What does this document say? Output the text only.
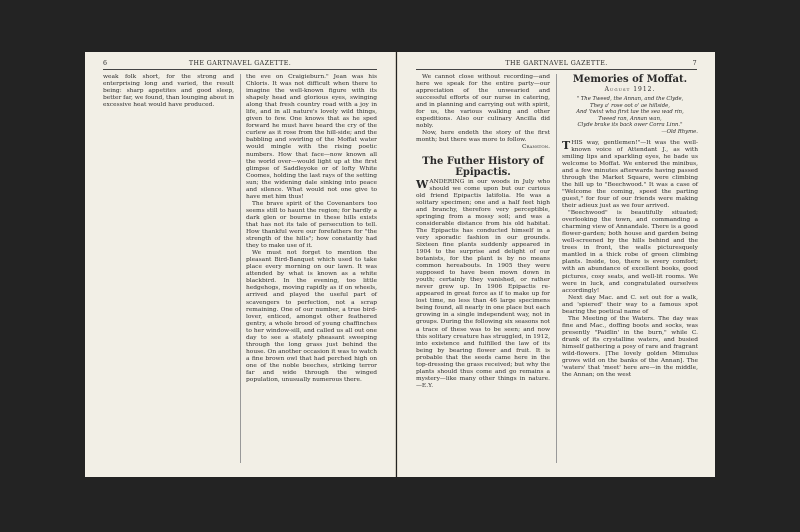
6	THE GARTNAVEL GAZETTE.

weak folk short, for the strong and enterprising long and varied, the result being: sharp appetites and good sleep, better far, we found, than lounging about in excessive heat would have produced.

the eve on Craigieburn." Jean was his Chloris. It was not difficult when there to imagine the well-known figure with its shapely head and glorious eyes, swinging along that fresh country road with a joy in life, and in all nature's lovely wild things, given to few. One knows that as he sped forward he must have heard the cry of the curlew as it rose from the hill-side; and the babbling and swirling of the Moffat water would mingle with the rising poetic numbers. How that face—now known all the world over—would light up at the first glimpse of Saddleyoke or of lofty White Coomes, holding the last rays of the setting sun; the widening dale sinking into peace and silence. What would not one give to have met him thus!

The brave spirit of the Covenanters too seems still to haunt the region; for hardly a dark glen or bourne in these hills exists that has not its tale of persecution to tell. How thankful were our forefathers for "the strength of the hills"; how constantly had they to make use of it.

We must not forget to mention the pleasant Bird-Banquet which used to take place every morning on our lawn. It was attended by what is known as a white blackbird. In the evening, too little hedgehogs, moving rapidly as if on wheels, arrived and played the useful part of scavengers to perfection, not a scrap remaining. One of our number, a true bird-lover, enticed, amongst other feathered gentry, a whole brood of young chaffinches to her window-sill, and called us all out one day to see a stately pheasant sweeping through the long grass just behind the house. On another occasion it was to watch a fine brown owl that had perched high on one of the noble beeches, striking terror far and wide through the winged population, unusually numerous there.

THE GARTNAVEL GAZETTE.	7

We cannot close without recording—and here we speak for the entire party—our appreciation of the unwearied and successful efforts of our nurse in catering, and in planning and carrying out with spirit, for us, the various walking and other expeditions. Also our culinary Ancilla did nobly.

Now, here endeth the story of the first month; but there was more to follow.

Cranston.
The Futher History of Epipactis.

WANDERING in our woods in July who should we come upon but our curious old friend Epipactis latifolia. He was a solitary specimen; one and a half feet high and branchy, therefore very perceptible, springing from a mossy soil; and was a considerable distance from his old habitat. The Epipactis has conducted himself in a very sporadic fashion in our grounds. Sixteen fine plants suddenly appeared in 1904 to the surprise and delight of our botanists, for the plant is by no means common hereabouts. In 1905 they were supposed to have been mown down in youth; certainly they vanished, or rather never grew up. In 1906 Epipactis re-appeared in great force as if to make up for lost time, no less than 46 large specimens being found, all nearly in one place but each growing in a single independent way, not in groups. During the following six seasons not a trace of these was to be seen; and now this solitary creature has struggled, in 1912, into existence and fulfilled the law of its being by bearing flower and fruit. It is probable that the seeds came here in the top-dressing the grass received; but why the plants should thus come and go remains a mystery—like many other things in nature.—E.Y.

Memories of Moffat.
August 1912.
" The Tweed, the Annan, and the Clyde,
They a' rose oot o' ae hillside,
And 'twixt wha first tae the sea wad rin,
Tweed ran, Annan wan,
Clyde brake its back ower Corra Linn."
—Old Rhyme.

THIS way, gentlemen!"—It was the well-known voice of Attendant J., as with smiling lips and sparkling eyes, he bade us welcome to Moffat. We entered the minibus, and a few minutes afterwards having passed through the Market Square, were climbing the hill up to "Beechwood." It was a case of "Welcome the coming, speed the parting guest," for four of our friends were making their adieux just as we four arrived.

"Beechwood" is beautifully situated; overlooking the town, and commanding a charming view of Annandale. There is a good flower-garden; both house and garden being well-screened by the hills behind and the trees in front, the walls picturesquely mantled in a thick robe of green climbing plants. Inside, too, there is every comfort; with an abundance of excellent books, good pictures, cosy seats, and well-lit rooms. We were in luck, and congratulated ourselves accordingly!

Next day Mac. and C. set out for a walk, and 'spiered' their way to a famous spot bearing the poetical name of

The Meeting of the Waters. The day was fine and Mac., doffing boots and socks, was presently "Paidlin' in the burn," while C. drank of its crystalline waters, and busied himself gathering a posy of rare and fragrant wild-flowers. [The lovely golden Mimulus grows wild on the banks of the Annan]. The 'waters' that 'meet' here are—in the middle, the Annan; on the west
